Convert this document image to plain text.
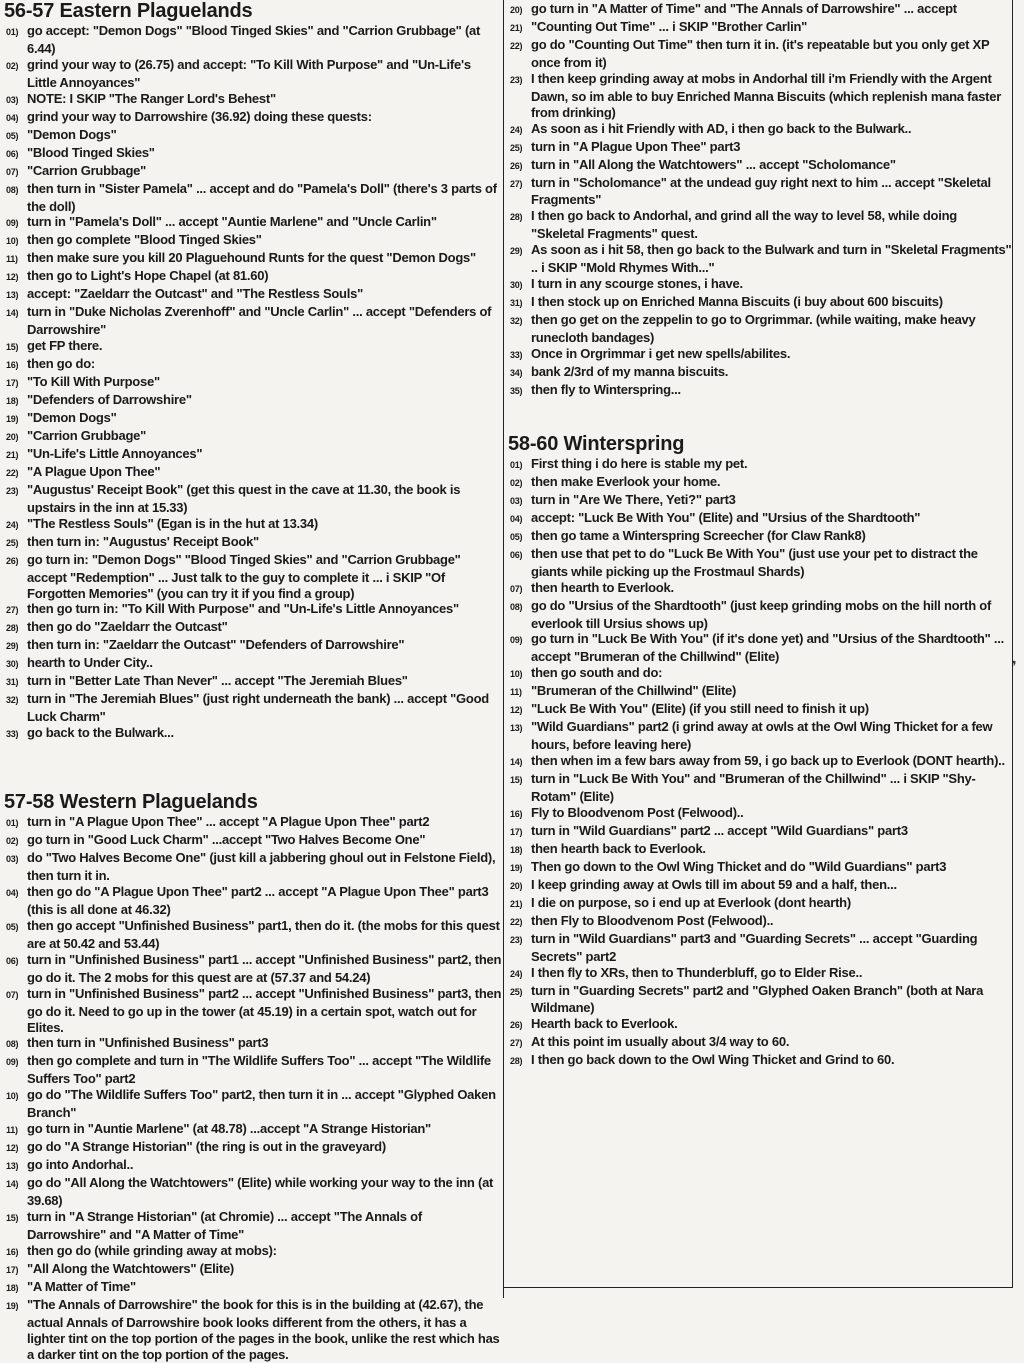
56-57 Eastern Plaguelands
01) go accept: "Demon Dogs" "Blood Tinged Skies" and "Carrion Grubbage" (at 6.44)
02) grind your way to (26.75) and accept: "To Kill With Purpose" and "Un-Life's Little Annoyances"
03) NOTE: I SKIP "The Ranger Lord's Behest"
04) grind your way to Darrowshire (36.92) doing these quests:
05) "Demon Dogs"
06) "Blood Tinged Skies"
07) "Carrion Grubbage"
08) then turn in "Sister Pamela" ... accept and do "Pamela's Doll" (there's 3 parts of the doll)
09) turn in "Pamela's Doll" ... accept "Auntie Marlene" and "Uncle Carlin"
10) then go complete "Blood Tinged Skies"
11) then make sure you kill 20 Plaguehound Runts for the quest "Demon Dogs"
12) then go to Light's Hope Chapel (at 81.60)
13) accept: "Zaeldarr the Outcast" and "The Restless Souls"
14) turn in "Duke Nicholas Zverenhoff" and "Uncle Carlin" ... accept "Defenders of Darrowshire"
15) get FP there.
16) then go do:
17) "To Kill With Purpose"
18) "Defenders of Darrowshire"
19) "Demon Dogs"
20) "Carrion Grubbage"
21) "Un-Life's Little Annoyances"
22) "A Plague Upon Thee"
23) "Augustus' Receipt Book" (get this quest in the cave at 11.30, the book is upstairs in the inn at 15.33)
24) "The Restless Souls" (Egan is in the hut at 13.34)
25) then turn in: "Augustus' Receipt Book"
26) go turn in: "Demon Dogs" "Blood Tinged Skies" and "Carrion Grubbage" accept "Redemption" ... Just talk to the guy to complete it ... i SKIP "Of Forgotten Memories" (you can try it if you find a group)
27) then go turn in: "To Kill With Purpose" and "Un-Life's Little Annoyances"
28) then go do "Zaeldarr the Outcast"
29) then turn in: "Zaeldarr the Outcast" "Defenders of Darrowshire"
30) hearth to Under City..
31) turn in "Better Late Than Never" ... accept "The Jeremiah Blues"
32) turn in "The Jeremiah Blues" (just right underneath the bank) ... accept "Good Luck Charm"
33) go back to the Bulwark...
57-58 Western Plaguelands
01) turn in "A Plague Upon Thee" ... accept "A Plague Upon Thee" part2
02) go turn in "Good Luck Charm" ...accept "Two Halves Become One"
03) do "Two Halves Become One" (just kill a jabbering ghoul out in Felstone Field), then turn it in.
04) then go do "A Plague Upon Thee" part2 ... accept "A Plague Upon Thee" part3 (this is all done at 46.32)
05) then go accept "Unfinished Business" part1, then do it. (the mobs for this quest are at 50.42 and 53.44)
06) turn in "Unfinished Business" part1 ... accept "Unfinished Business" part2, then go do it. The 2 mobs for this quest are at (57.37 and 54.24)
07) turn in "Unfinished Business" part2 ... accept "Unfinished Business" part3, then go do it. Need to go up in the tower (at 45.19) in a certain spot, watch out for Elites.
08) then turn in "Unfinished Business" part3
09) then go complete and turn in "The Wildlife Suffers Too" ... accept "The Wildlife Suffers Too" part2
10) go do "The Wildlife Suffers Too" part2, then turn it in ... accept "Glyphed Oaken Branch"
11) go turn in "Auntie Marlene" (at 48.78) ...accept "A Strange Historian"
12) go do "A Strange Historian" (the ring is out in the graveyard)
13) go into Andorhal..
14) go do "All Along the Watchtowers" (Elite) while working your way to the inn (at 39.68)
15) turn in "A Strange Historian" (at Chromie) ... accept "The Annals of Darrowshire" and "A Matter of Time"
16) then go do (while grinding away at mobs):
17) "All Along the Watchtowers" (Elite)
18) "A Matter of Time"
19) "The Annals of Darrowshire" the book for this is in the building at (42.67), the actual Annals of Darrowshire book looks different from the others, it has a lighter tint on the top portion of the pages in the book, unlike the rest which has a darker tint on the top portion of the pages.
20) go turn in "A Matter of Time" and "The Annals of Darrowshire" ... accept
21) "Counting Out Time" ... i SKIP "Brother Carlin"
22) go do "Counting Out Time" then turn it in. (it's repeatable but you only get XP once from it)
23) I then keep grinding away at mobs in Andorhal till i'm Friendly with the Argent Dawn, so im able to buy Enriched Manna Biscuits (which replenish mana faster from drinking)
24) As soon as i hit Friendly with AD, i then go back to the Bulwark..
25) turn in "A Plague Upon Thee" part3
26) turn in "All Along the Watchtowers" ... accept "Scholomance"
27) turn in "Scholomance" at the undead guy right next to him ... accept "Skeletal Fragments"
28) I then go back to Andorhal, and grind all the way to level 58, while doing "Skeletal Fragments" quest.
29) As soon as i hit 58, then go back to the Bulwark and turn in "Skeletal Fragments" .. i SKIP "Mold Rhymes With..."
30) I turn in any scourge stones, i have.
31) I then stock up on Enriched Manna Biscuits (i buy about 600 biscuits)
32) then go get on the zeppelin to go to Orgrimmar. (while waiting, make heavy runecloth bandages)
33) Once in Orgrimmar i get new spells/abilites.
34) bank 2/3rd of my manna biscuits.
35) then fly to Winterspring...
58-60 Winterspring
01) First thing i do here is stable my pet.
02) then make Everlook your home.
03) turn in "Are We There, Yeti?" part3
04) accept: "Luck Be With You" (Elite) and "Ursius of the Shardtooth"
05) then go tame a Winterspring Screecher (for Claw Rank8)
06) then use that pet to do "Luck Be With You" (just use your pet to distract the giants while picking up the Frostmaul Shards)
07) then hearth to Everlook.
08) go do "Ursius of the Shardtooth" (just keep grinding mobs on the hill north of everlook till Ursius shows up)
09) go turn in "Luck Be With You" (if it's done yet) and "Ursius of the Shardtooth" ... accept "Brumeran of the Chillwind" (Elite)
10) then go south and do:
11) "Brumeran of the Chillwind" (Elite)
12) "Luck Be With You" (Elite) (if you still need to finish it up)
13) "Wild Guardians" part2 (i grind away at owls at the Owl Wing Thicket for a few hours, before leaving here)
14) then when im a few bars away from 59, i go back up to Everlook (DONT hearth)..
15) turn in "Luck Be With You" and "Brumeran of the Chillwind" ... i SKIP "Shy-Rotam" (Elite)
16) Fly to Bloodvenom Post (Felwood)..
17) turn in "Wild Guardians" part2 ... accept "Wild Guardians" part3
18) then hearth back to Everlook.
19) Then go down to the Owl Wing Thicket and do "Wild Guardians" part3
20) I keep grinding away at Owls till im about 59 and a half, then...
21) I die on purpose, so i end up at Everlook (dont hearth)
22) then Fly to Bloodvenom Post (Felwood)..
23) turn in "Wild Guardians" part3 and "Guarding Secrets" ... accept "Guarding Secrets" part2
24) I then fly to XRs, then to Thunderbluff, go to Elder Rise..
25) turn in "Guarding Secrets" part2 and "Glyphed Oaken Branch" (both at Nara Wildmane)
26) Hearth back to Everlook.
27) At this point im usually about 3/4 way to 60.
28) I then go back down to the Owl Wing Thicket and Grind to 60.
❜
